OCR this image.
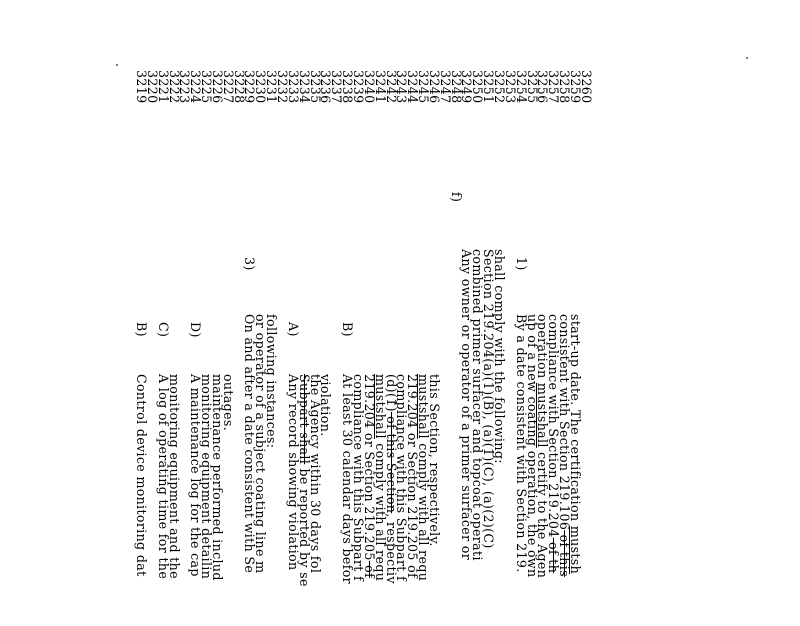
3219
3220
3221
3222
3223
3224
3225
3226
3227
3228
3229
3230
3231
3232
3233
3234
3235
3236
3237
3238
3239
3240
3241
3242
3243
3244
3245
3246
3247
3248
3249
3250
3251
3252
3253
3254
3255
3256
3257
3258
3259
3260
B)
Control device monitoring dat
C)
A log of operating time for the
monitoring equipment and the
D)
A maintenance log for the cap
monitoring equipment detailin
maintenance performed includ
outages.
3)
On and after a date consistent with Se
or operator of a subject coating line m
following instances: A)
Any record showing violation
Subpart shall be reported by se
the Agency within 30 days fol
violation.
B)
At least 30 calendar days befor
compliance with this Subpart f
219.204 or Section 219.205 of
mustshall comply with all requ
(d)(1) of this Section, respectiv
compliance with this Subpart f
219.204 or Section 219.205 of
mustshall comply with all requ
this Section, respectively.
f)
Any owner or operator of a primer surfacer or
combined primer surfacer and topcoat operati
Section 219.204(a)(1)(B), (a)(1)(C), (a)(2)(C)
shall comply with the following: 1)
By a date consistent with Section 219.
up of a new coating operation, the own
operation mustshall certify to the Agen
compliance with Section 219.204 of th
consistent with Section 219.106 of this
start-up date. The certification mustsh
